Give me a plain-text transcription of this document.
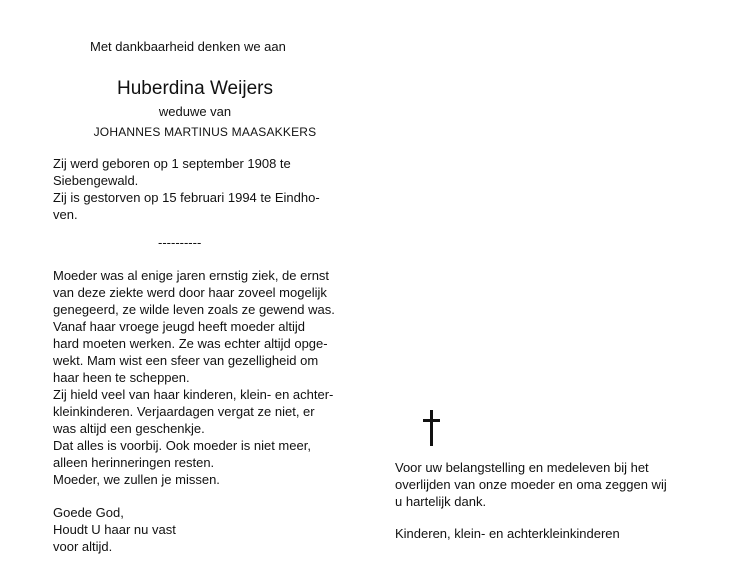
Met dankbaarheid denken we aan
Huberdina Weijers
weduwe van
JOHANNES MARTINUS MAASAKKERS
Zij werd geboren op 1 september 1908 te
Siebengewald.
Zij is gestorven op 15 februari 1994 te Eindho-
ven.
----------
Moeder was al enige jaren ernstig ziek, de ernst
van deze ziekte werd door haar zoveel mogelijk
genegeerd, ze wilde leven zoals ze gewend was.
Vanaf haar vroege jeugd heeft moeder altijd
hard moeten werken. Ze was echter altijd opge-
wekt. Mam wist een sfeer van gezelligheid om
haar heen te scheppen.
Zij hield veel van haar kinderen, klein- en achter-
kleinkinderen. Verjaardagen vergat ze niet, er
was altijd een geschenkje.
Dat alles is voorbij. Ook moeder is niet meer,
alleen herinneringen resten.
Moeder, we zullen je missen.
Goede God,
Houdt U haar nu vast
voor altijd.
Voor uw belangstelling en medeleven bij het
overlijden van onze moeder en oma zeggen wij
u hartelijk dank.
Kinderen, klein- en achterkleinkinderen
